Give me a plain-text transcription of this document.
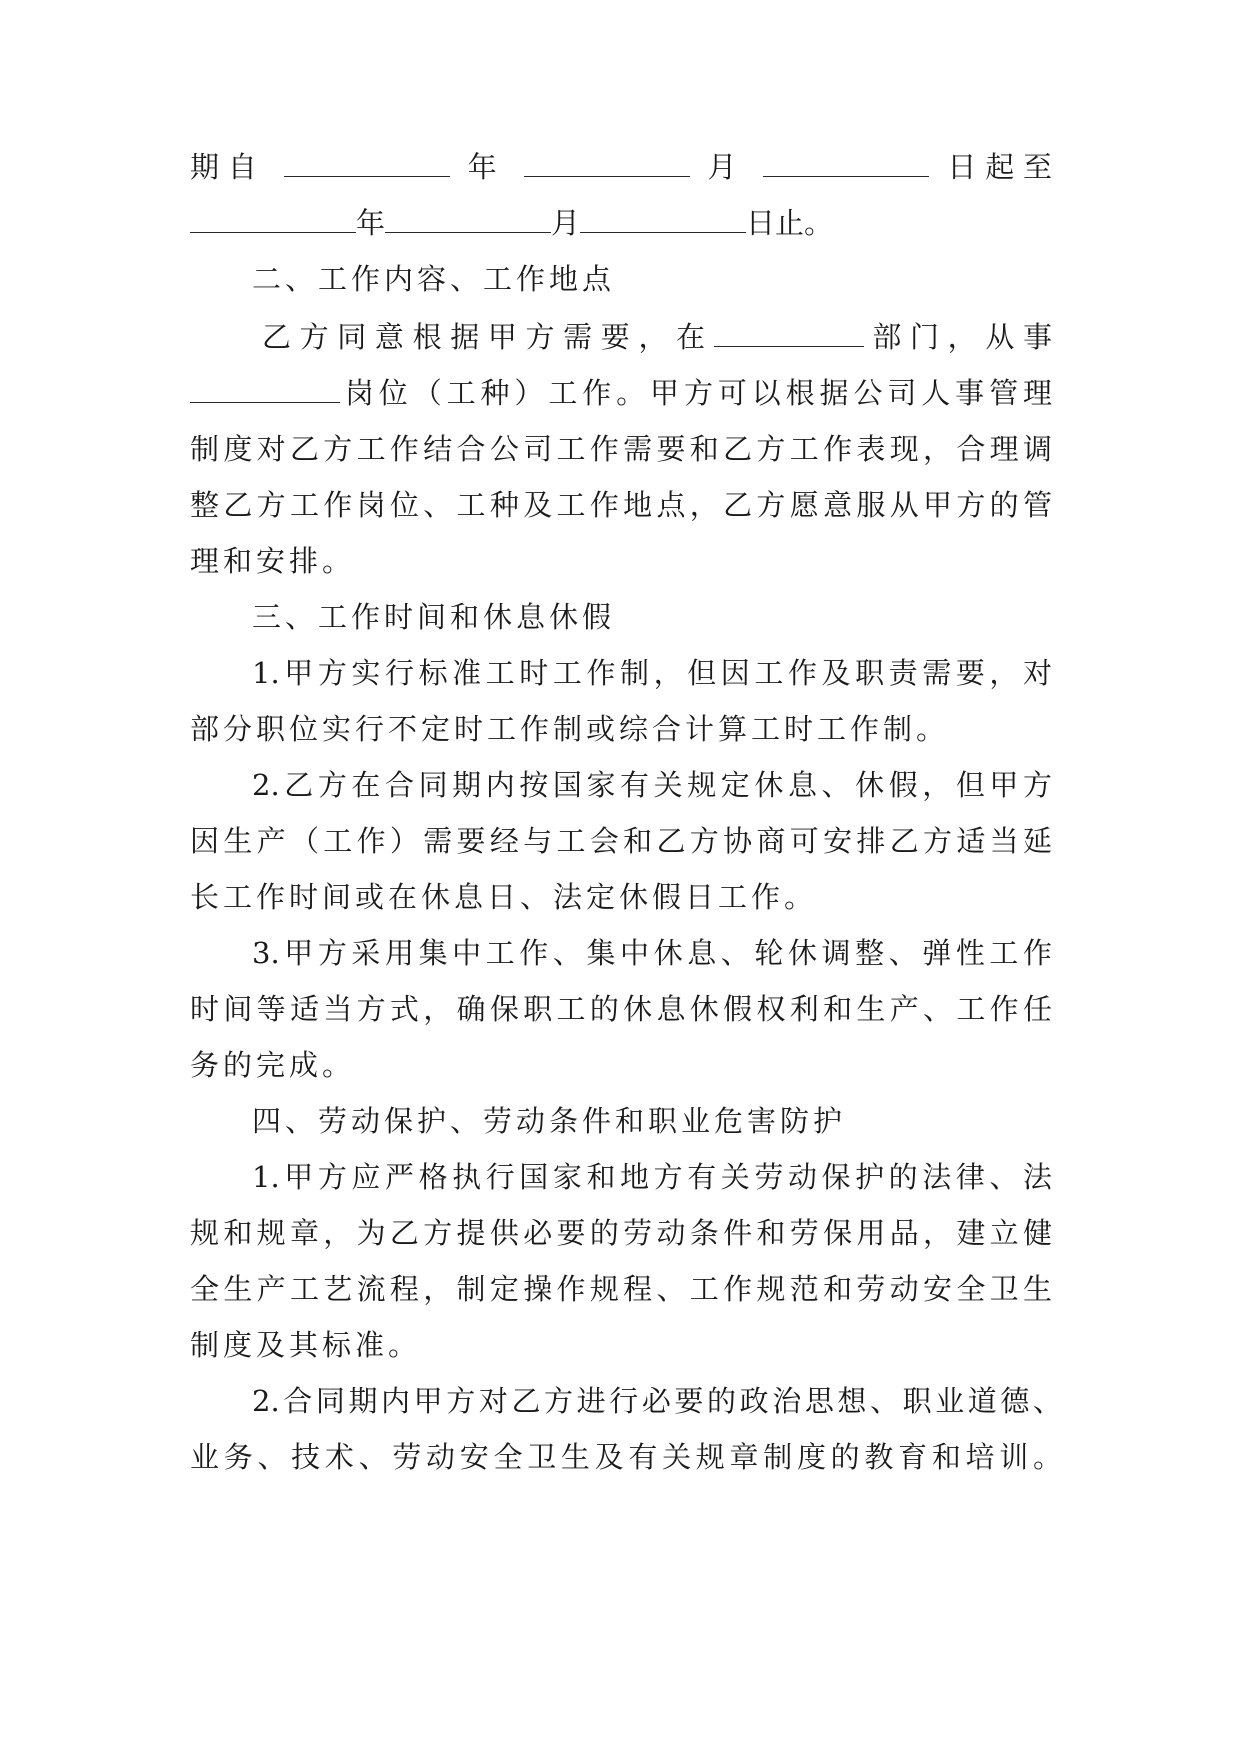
期自	年	月	日起至
年	月	日止。
二、工作内容、工作地点
乙方同意根据甲方需要，在	部门，从事
岗位（工种）工作。甲方可以根据公司人事管理
制度对乙方工作结合公司工作需要和乙方工作表现，合理调
整乙方工作岗位、工种及工作地点，乙方愿意服从甲方的管
理和安排。
三、工作时间和休息休假
1.甲方实行标准工时工作制，但因工作及职责需要，对
部分职位实行不定时工作制或综合计算工时工作制。
2.乙方在合同期内按国家有关规定休息、休假，但甲方
因生产（工作）需要经与工会和乙方协商可安排乙方适当延
长工作时间或在休息日、法定休假日工作。
3.甲方采用集中工作、集中休息、轮休调整、弹性工作
时间等适当方式，确保职工的休息休假权利和生产、工作任
务的完成。
四、劳动保护、劳动条件和职业危害防护
1.甲方应严格执行国家和地方有关劳动保护的法律、法
规和规章，为乙方提供必要的劳动条件和劳保用品，建立健
全生产工艺流程，制定操作规程、工作规范和劳动安全卫生
制度及其标准。
2.合同期内甲方对乙方进行必要的政治思想、职业道德、
业务、技术、劳动安全卫生及有关规章制度的教育和培训。
